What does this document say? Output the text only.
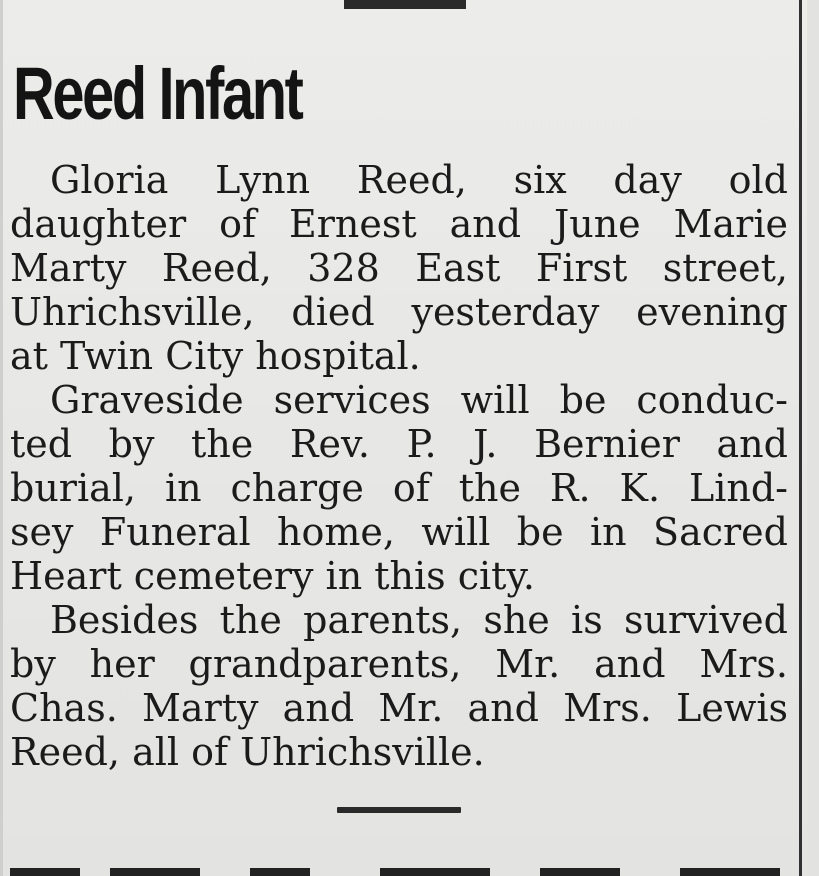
Reed Infant
Gloria Lynn Reed, six day old
daughter of Ernest and June Marie
Marty Reed, 328 East First street,
Uhrichsville, died yesterday evening
at Twin City hospital.
Graveside services will be conduc-
ted by the Rev. P. J. Bernier and
burial, in charge of the R. K. Lind-
sey Funeral home, will be in Sacred
Heart cemetery in this city.
Besides the parents, she is survived
by her grandparents, Mr. and Mrs.
Chas. Marty and Mr. and Mrs. Lewis
Reed, all of Uhrichsville.
